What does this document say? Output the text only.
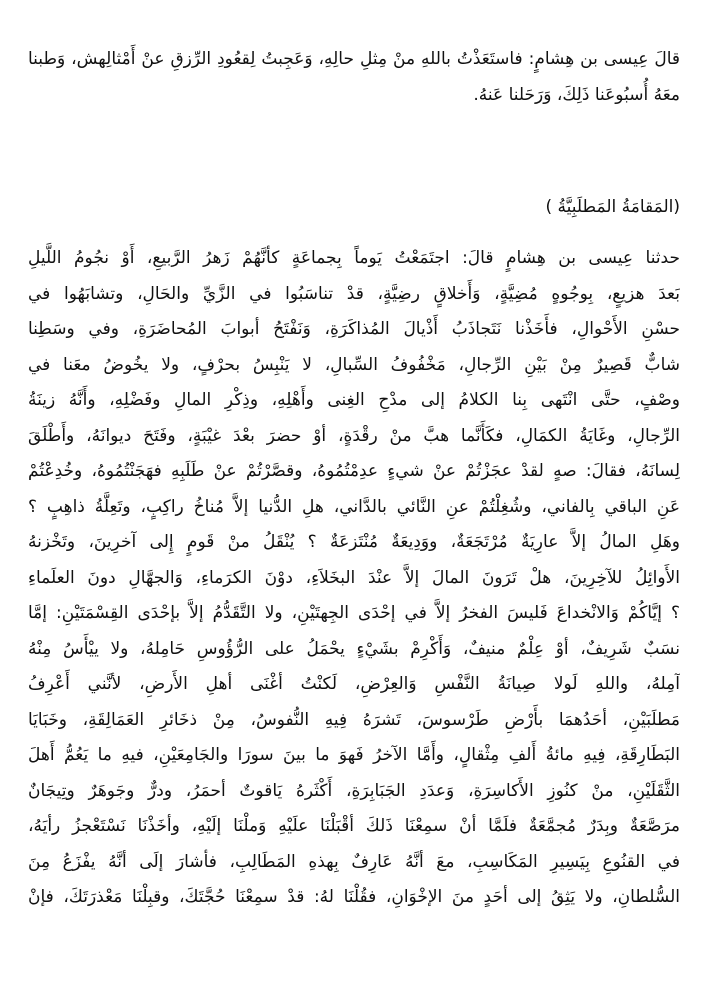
قالَ عِيسى بن هِشامٍ: فاستَعَذْتُ باللهِ منْ مِثلِ حالِهِ، وَعَجِبتُ لِقعُودِ الرِّزقِ عنْ أَمْثالِهش، وَطبنا معَهُ أُسبُوعَنا ذَلِكَ، وَرَحَلنا عَنهُ.

(المَقامَةُ المَطلَبِيَّةُ )

حدثنا عِيسى بن هِشامٍ قالَ: اجتَمَعْتُ يَوماً بِجماعَةٍ كأنَّهُمْ زَهرُ الرَّبيعِ، أَوْ نجُومُ اللَّيلِ
بَعدَ هزيعٍ، بِوجُوهٍ مُضِيَّةٍ، وَأَخلاقٍ رضِيَّةٍ، قدْ تناسَبُوا في الزَّيِّ والحَالِ، وتشابَهُوا في
حسْنِ الأَحْوالِ، فأَخَذْنا نَتَجاذَبُ أَذْيالَ المُذاكَرَةِ، وَنَفْتَحُ أبوابَ المُحاضَرَةِ، وفي وسَطِنا
شابٌّ قَصِيرٌ مِنْ بَيْنِ الرِّجالِ، مَخْفُوفُ السِّبالِ، لا يَنْبِسُ بحرْفٍ، ولا يخُوضُ معَنا في
وصْفٍ، حتَّى انْتَهى بِنا الكلامُ إلى مدْحِ الغِنى وأَهْلِهِ، وذِكْرِ المالِ وفَضْلِهِ، وأَنَّهُ زينَةُ
الرِّجالِ، وغَايَةُ الكمَالِ، فكَأَنَّما هبَّ منْ رقْدَةٍ، أوْ حضرَ بعْدَ غيْبَةٍ، وفَتَحَ ديوانَهُ، وأَطْلَقَ
لِسانَهُ، فقالَ: صهٍ لقدْ عجَزْتُمْ عنْ شيءٍ عدِمْتُمُوهُ، وقصَّرْتُمْ عنْ طَلَبِهِ فهَجَنْتُمُوهُ، وخُدِعْتُمْ
عَنِ الباقي بِالفاني، وشُغِلْتُمْ عنِ النَّائي بالدَّاني، هلِ الدُّنيا إلاَّ مُناخُ راكِبٍ، وتَعِلَّةُ ذاهِبٍ ؟
وهَلِ المالُ إلاَّ عارِيَةٌ مُرْتَجَعَةٌ، ووَدِيعَةٌ مُنْتَزعَةٌ ؟ يُنْقَلُ منْ قَومٍ إِلى آخرِينَ، وتَخْزنهُ
الأَوائِلُ للآخِرِينَ، هلْ تَرَونَ المالَ إلاَّ عنْدَ البخَلاَءِ، دوْنَ الكرَماءِ، وَالجهَّالِ دونَ العلَماءِ
؟ إيَّاكُمْ وَالانْخداعَ فَليسَ الفخرُ إلاَّ في إحْدَى الجِهتَيْنِ، ولا التَّقَدُّمُ إلاَّ بإحْدَى القِسْمَتَيْنِ: إمَّا
نسَبٌ شَرِيفٌ، أوْ عِلْمٌ منيفٌ، وَأَكْرِمْ بشَيْءٍ يحْمَلُ على الرُّؤُوسِ حَامِلهُ، ولا ييْأَسُ مِنْهُ
آمِلهُ، واللهِ لَولا صِيانَةُ النَّفْسِ وَالعِرْضِ، لَكنْتُ أغْنَى أهلِ الأَرضِ، لأنَّني أَعْرِفُ
مَطلَبَيْنِ، أحَدُهمَا بأَرْضِ طَرْسوسَ، تَشرَهُ فِيهِ النُّفوسُ، مِنْ ذخَائرِ العَمَالِقَةِ، وخَبَايَا
البَطَارِقَةِ، فِيهِ مائةُ أَلفِ مِثْقالٍ، وأَمَّا الآخرُ فَهوَ ما بينَ سورَا والجَامِعَيْنِ، فيهِ ما يَعُمُّ أَهلَ
الثَّقَلَيْنِ، منْ كنُوزِ الأَكاسِرَةِ، وَعدَدِ الجَبَابِرَةِ، أَكْثَرهُ يَاقوتٌ أحمَرُ، ودرٌّ وجَوهَرٌ وتِيجَانٌ
مرَصَّعَةٌ وبِدَرٌ مُجمَّعَةٌ فلَمَّا أنْ سمِعْنَا ذَلكَ أقْبَلْنَا علَيْهِ وَملْنَا إلَيْهِ، وأخَذْنَا نَسْتَعْجزُ رأيَهُ،
في القنُوعِ بِيَسِيرِ المَكَاسِبِ، معَ أنَّهُ عَارِفٌ بِهذهِ المَطَالِبِ، فأشارَ إلَى أنَّهُ يفْزَعُ مِنَ
السُّلطانِ، ولا يَثِقُ إلى أحَدٍ منَ الإخْوَانِ، فقُلْنَا لهُ: قدْ سمِعْنَا حُجَّتَكَ، وقبِلْنَا مَعْذرَتَكَ، فإنْ
